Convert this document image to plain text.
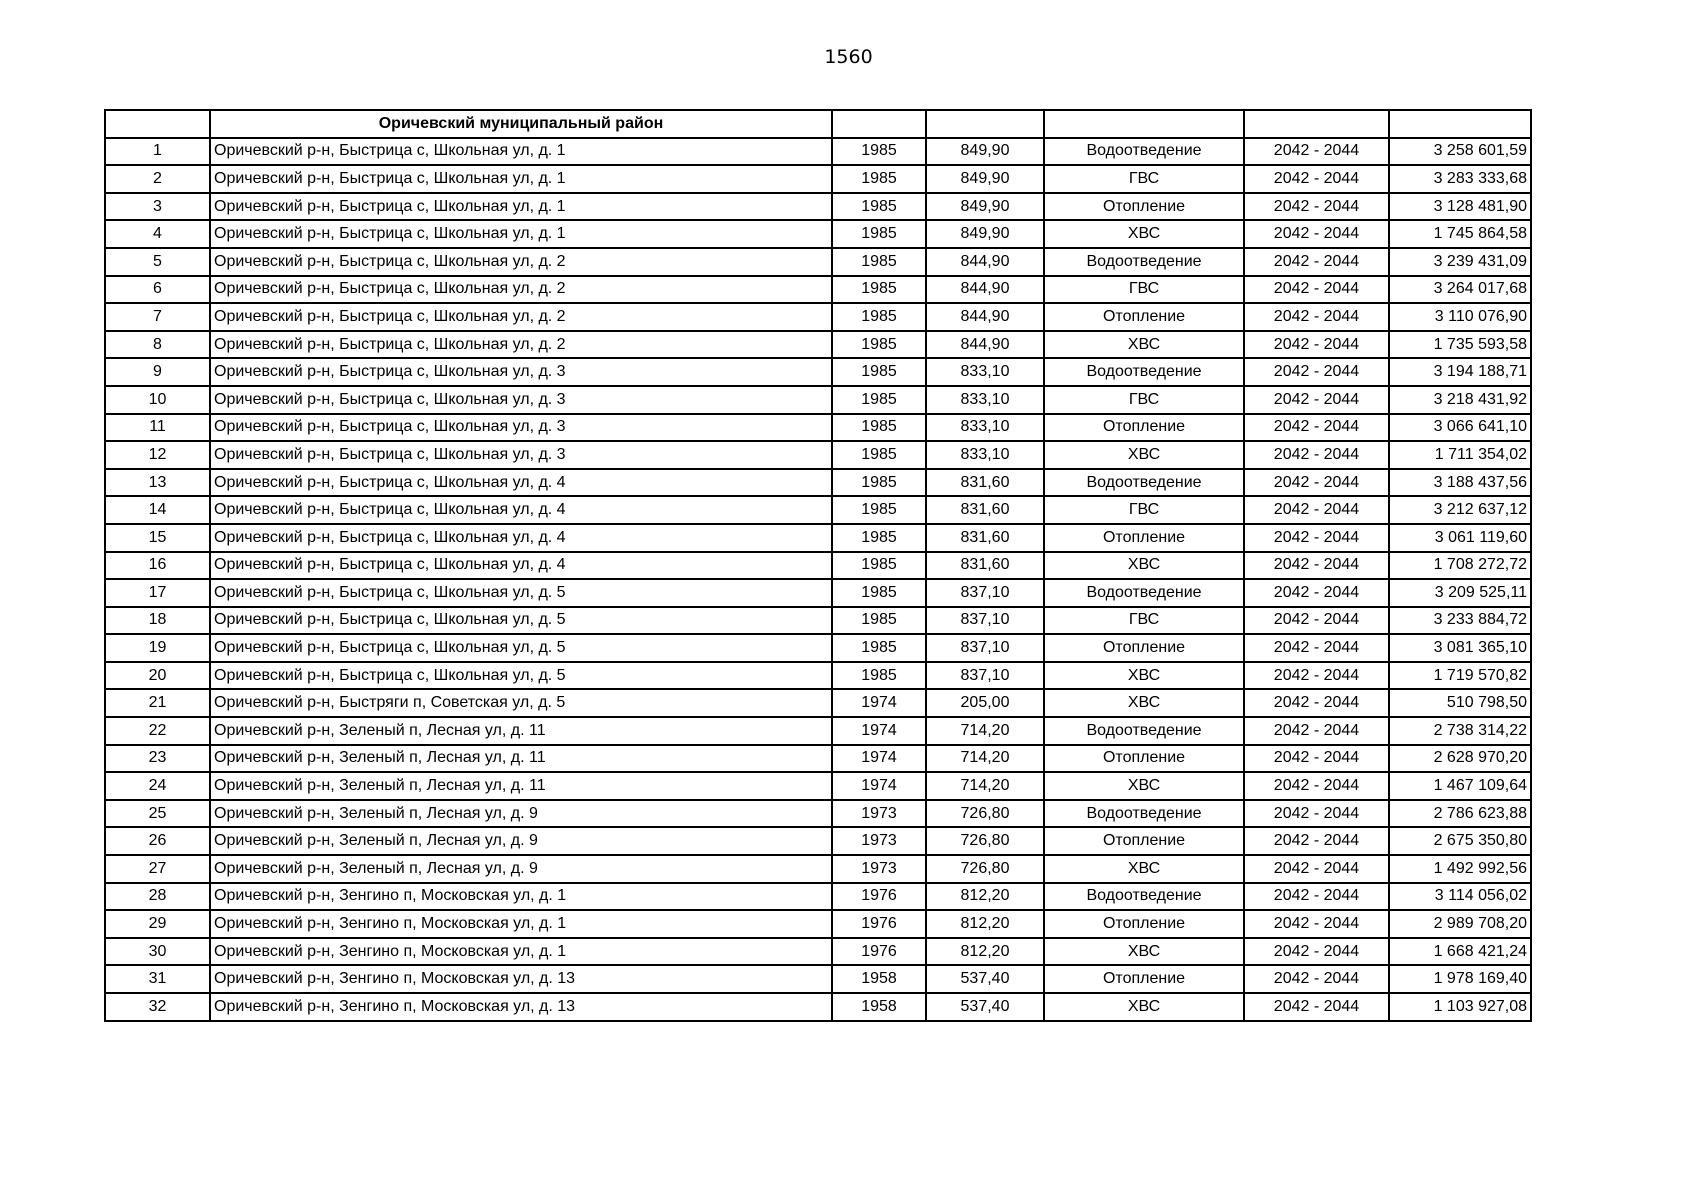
1560
	Оричевский муниципальный район					
1	Оричевский р-н, Быстрица с, Школьная ул, д. 1	1985	849,90	Водоотведение	2042 - 2044	3 258 601,59
2	Оричевский р-н, Быстрица с, Школьная ул, д. 1	1985	849,90	ГВС	2042 - 2044	3 283 333,68
3	Оричевский р-н, Быстрица с, Школьная ул, д. 1	1985	849,90	Отопление	2042 - 2044	3 128 481,90
4	Оричевский р-н, Быстрица с, Школьная ул, д. 1	1985	849,90	ХВС	2042 - 2044	1 745 864,58
5	Оричевский р-н, Быстрица с, Школьная ул, д. 2	1985	844,90	Водоотведение	2042 - 2044	3 239 431,09
6	Оричевский р-н, Быстрица с, Школьная ул, д. 2	1985	844,90	ГВС	2042 - 2044	3 264 017,68
7	Оричевский р-н, Быстрица с, Школьная ул, д. 2	1985	844,90	Отопление	2042 - 2044	3 110 076,90
8	Оричевский р-н, Быстрица с, Школьная ул, д. 2	1985	844,90	ХВС	2042 - 2044	1 735 593,58
9	Оричевский р-н, Быстрица с, Школьная ул, д. 3	1985	833,10	Водоотведение	2042 - 2044	3 194 188,71
10	Оричевский р-н, Быстрица с, Школьная ул, д. 3	1985	833,10	ГВС	2042 - 2044	3 218 431,92
11	Оричевский р-н, Быстрица с, Школьная ул, д. 3	1985	833,10	Отопление	2042 - 2044	3 066 641,10
12	Оричевский р-н, Быстрица с, Школьная ул, д. 3	1985	833,10	ХВС	2042 - 2044	1 711 354,02
13	Оричевский р-н, Быстрица с, Школьная ул, д. 4	1985	831,60	Водоотведение	2042 - 2044	3 188 437,56
14	Оричевский р-н, Быстрица с, Школьная ул, д. 4	1985	831,60	ГВС	2042 - 2044	3 212 637,12
15	Оричевский р-н, Быстрица с, Школьная ул, д. 4	1985	831,60	Отопление	2042 - 2044	3 061 119,60
16	Оричевский р-н, Быстрица с, Школьная ул, д. 4	1985	831,60	ХВС	2042 - 2044	1 708 272,72
17	Оричевский р-н, Быстрица с, Школьная ул, д. 5	1985	837,10	Водоотведение	2042 - 2044	3 209 525,11
18	Оричевский р-н, Быстрица с, Школьная ул, д. 5	1985	837,10	ГВС	2042 - 2044	3 233 884,72
19	Оричевский р-н, Быстрица с, Школьная ул, д. 5	1985	837,10	Отопление	2042 - 2044	3 081 365,10
20	Оричевский р-н, Быстрица с, Школьная ул, д. 5	1985	837,10	ХВС	2042 - 2044	1 719 570,82
21	Оричевский р-н, Быстряги п, Советская ул, д. 5	1974	205,00	ХВС	2042 - 2044	510 798,50
22	Оричевский р-н, Зеленый п, Лесная ул, д. 11	1974	714,20	Водоотведение	2042 - 2044	2 738 314,22
23	Оричевский р-н, Зеленый п, Лесная ул, д. 11	1974	714,20	Отопление	2042 - 2044	2 628 970,20
24	Оричевский р-н, Зеленый п, Лесная ул, д. 11	1974	714,20	ХВС	2042 - 2044	1 467 109,64
25	Оричевский р-н, Зеленый п, Лесная ул, д. 9	1973	726,80	Водоотведение	2042 - 2044	2 786 623,88
26	Оричевский р-н, Зеленый п, Лесная ул, д. 9	1973	726,80	Отопление	2042 - 2044	2 675 350,80
27	Оричевский р-н, Зеленый п, Лесная ул, д. 9	1973	726,80	ХВС	2042 - 2044	1 492 992,56
28	Оричевский р-н, Зенгино п, Московская ул, д. 1	1976	812,20	Водоотведение	2042 - 2044	3 114 056,02
29	Оричевский р-н, Зенгино п, Московская ул, д. 1	1976	812,20	Отопление	2042 - 2044	2 989 708,20
30	Оричевский р-н, Зенгино п, Московская ул, д. 1	1976	812,20	ХВС	2042 - 2044	1 668 421,24
31	Оричевский р-н, Зенгино п, Московская ул, д. 13	1958	537,40	Отопление	2042 - 2044	1 978 169,40
32	Оричевский р-н, Зенгино п, Московская ул, д. 13	1958	537,40	ХВС	2042 - 2044	1 103 927,08
